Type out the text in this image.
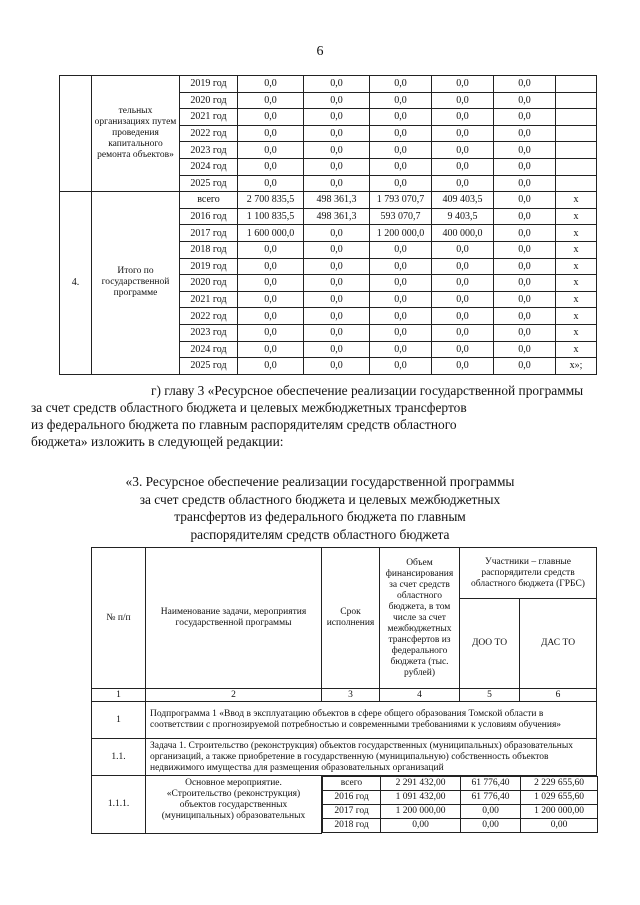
6
	тельных организациях путем проведения капитального ремонта объектов»	2019 год	0,0	0,0	0,0	0,0	0,0	
		2020 год	0,0	0,0	0,0	0,0	0,0	
		2021 год	0,0	0,0	0,0	0,0	0,0	
		2022 год	0,0	0,0	0,0	0,0	0,0	
		2023 год	0,0	0,0	0,0	0,0	0,0	
		2024 год	0,0	0,0	0,0	0,0	0,0	
		2025 год	0,0	0,0	0,0	0,0	0,0	
4.	Итого по государственной программе	всего	2 700 835,5	498 361,3	1 793 070,7	409 403,5	0,0	x
		2016 год	1 100 835,5	498 361,3	593 070,7	9 403,5	0,0	x
		2017 год	1 600 000,0	0,0	1 200 000,0	400 000,0	0,0	x
		2018 год	0,0	0,0	0,0	0,0	0,0	x
		2019 год	0,0	0,0	0,0	0,0	0,0	x
		2020 год	0,0	0,0	0,0	0,0	0,0	x
		2021 год	0,0	0,0	0,0	0,0	0,0	x
		2022 год	0,0	0,0	0,0	0,0	0,0	x
		2023 год	0,0	0,0	0,0	0,0	0,0	x
		2024 год	0,0	0,0	0,0	0,0	0,0	x
		2025 год	0,0	0,0	0,0	0,0	0,0	x»;
г) главу 3 «Ресурсное обеспечение реализации государственной программы
за счет средств областного бюджета и целевых межбюджетных трансфертов
из федерального бюджета по главным распорядителям средств областного
бюджета» изложить в следующей редакции:
«3. Ресурсное обеспечение реализации государственной программы
за счет средств областного бюджета и целевых межбюджетных
трансфертов из федерального бюджета по главным
распорядителям средств областного бюджета
№ п/п	Наименование задачи, мероприятия государственной программы	Срок исполнения	Объем финансирования за счет средств областного бюджета, в том числе за счет межбюджетных трансфертов из федерального бюджета (тыс. рублей)	Участники – главные распорядители средств областного бюджета (ГРБС)
ДОО ТО	ДАС ТО
1	2	3	4	5	6
1	Подпрограмма 1 «Ввод в эксплуатацию объектов в сфере общего образования Томской области в соответствии с прогнозируемой потребностью и современными требованиями к условиям обучения»
1.1.	Задача 1. Строительство (реконструкция) объектов государственных (муниципальных) образовательных организаций, а также приобретение в государственную (муниципальную) собственность объектов недвижимого имущества для размещения образовательных организаций
1.1.1.	Основное мероприятие. «Строительство (реконструкция) объектов государственных (муниципальных) образовательных	
всего	2 291 432,00	61 776,40	2 229 655,60
2016 год	1 091 432,00	61 776,40	1 029 655,60
2017 год	1 200 000,00	0,00	1 200 000,00
2018 год	0,00	0,00	0,00
